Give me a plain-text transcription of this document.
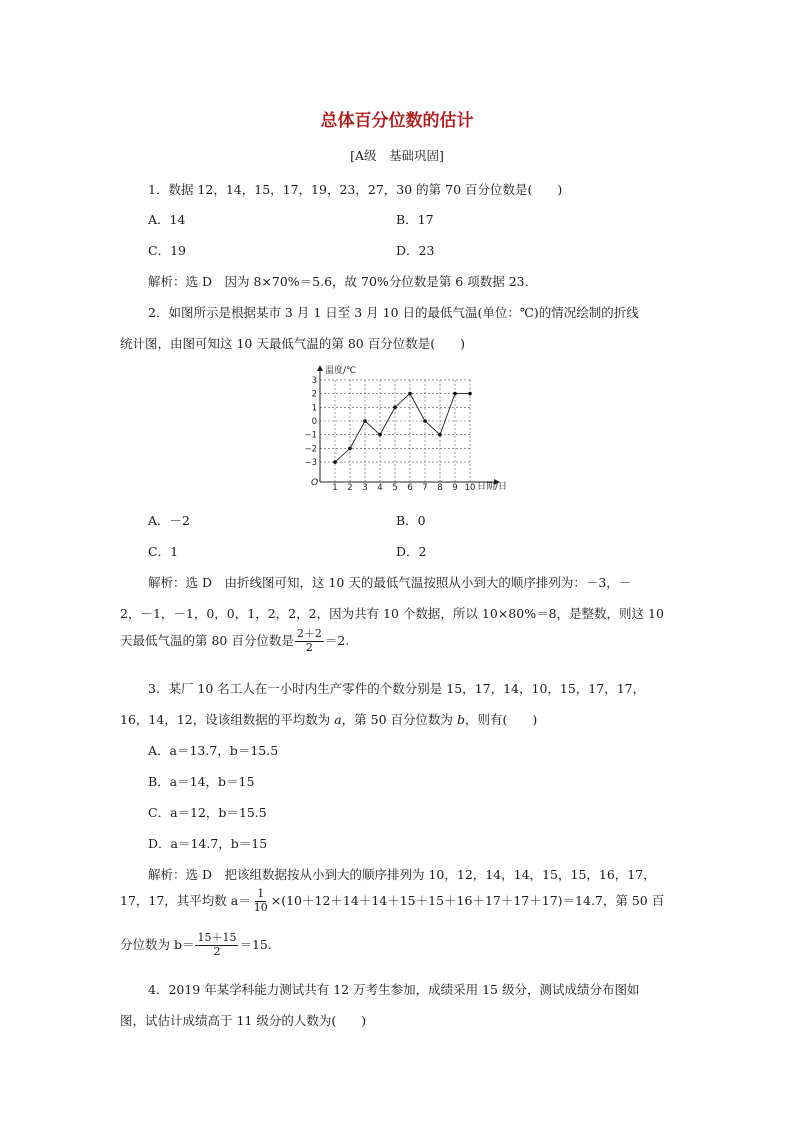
总体百分位数的估计
[A级　基础巩固]
1．数据 12，14，15，17，19，23，27，30 的第 70 百分位数是(　　)
A．14	B．17
C．19	D．23
解析：选 D　因为 8×70%＝5.6，故 70%分位数是第 6 项数据 23.
2．如图所示是根据某市 3 月 1 日至 3 月 10 日的最低气温(单位：℃)的情况绘制的折线
统计图，由图可知这 10 天最低气温的第 80 百分位数是(　　)
温度/℃
日期/日
O
3
2
1
0
−1
−2
−3
1 2 3 4 5 6 7 8 9 10
A．－2	B．0
C．1	D．2
解析：选 D　由折线图可知，这 10 天的最低气温按照从小到大的顺序排列为：－3，－
2，－1，－1，0，0，1，2，2，2，因为共有 10 个数据，所以 10×80%＝8，是整数，则这 10
天最低气温的第 80 百分位数是 $\frac{2+2}{2} =2$.
3．某厂 10 名工人在一小时内生产零件的个数分别是 15，17，14，10，15，17，17，
16，14，12，设该组数据的平均数为 a，第 50 百分位数为 b，则有(　　)
A．a＝13.7，b＝15.5
B．a＝14，b＝15
C．a＝12，b＝15.5
D．a＝14.7，b＝15
解析：选 D　把该组数据按从小到大的顺序排列为 10，12，14，14，15，15，16，17，
17，17，其平均数 $a= \frac{1}{10} \times(10+12+14+14+15+15+16+17+17+17)=14.7$，第 50 百
分位数为 $b= \frac{15+15}{2} =15$.
4．2019 年某学科能力测试共有 12 万考生参加，成绩采用 15 级分，测试成绩分布图如
图，试估计成绩高于 11 级分的人数为(　　)
